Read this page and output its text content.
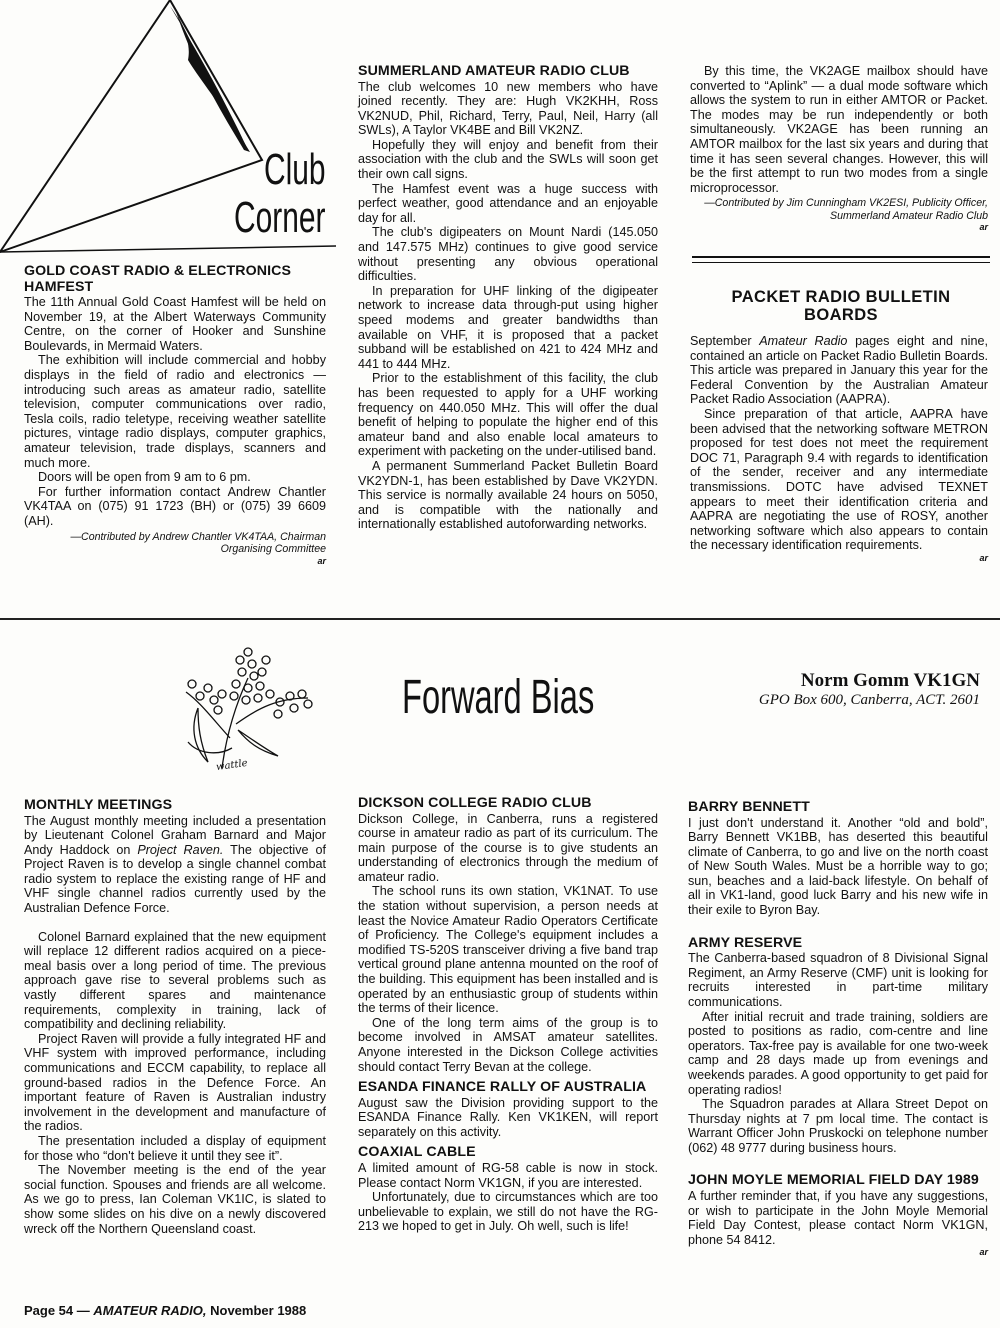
Club
Corner
GOLD COAST RADIO & ELECTRONICS HAMFEST

The 11th Annual Gold Coast Hamfest will be held on November 19, at the Albert Waterways Community Centre, on the corner of Hooker and Sunshine Boulevards, in Mermaid Waters.

The exhibition will include commercial and hobby displays in the field of radio and electronics — introducing such areas as amateur radio, satellite television, computer communications over radio, Tesla coils, radio teletype, receiving weather satellite pictures, vintage radio displays, computer graphics, amateur television, trade displays, scanners and much more.

Doors will be open from 9 am to 6 pm.

For further information contact Andrew Chantler VK4TAA on (075) 91 1723 (BH) or (075) 39 6609 (AH).

—Contributed by Andrew Chantler VK4TAA, Chairman
Organising Committee
ar
SUMMERLAND AMATEUR RADIO CLUB

The club welcomes 10 new members who have joined recently. They are: Hugh VK2KHH, Ross VK2NUD, Phil, Richard, Terry, Paul, Neil, Harry (all SWLs), A Taylor VK4BE and Bill VK2NZ.

Hopefully they will enjoy and benefit from their association with the club and the SWLs will soon get their own call signs.

The Hamfest event was a huge success with perfect weather, good attendance and an enjoyable day for all.

The club's digipeaters on Mount Nardi (145.050 and 147.575 MHz) continues to give good service without presenting any obvious operational difficulties.

In preparation for UHF linking of the digipeater network to increase data through-put using higher speed modems and greater bandwidths than available on VHF, it is proposed that a packet subband will be established on 421 to 424 MHz and 441 to 444 MHz.

Prior to the establishment of this facility, the club has been requested to apply for a UHF working frequency on 440.050 MHz. This will offer the dual benefit of helping to populate the higher end of this amateur band and also enable local amateurs to experiment with packeting on the under-utilised band.

A permanent Summerland Packet Bulletin Board VK2YDN-1, has been established by Dave VK2YDN. This service is normally available 24 hours on 5050, and is compatible with the nationally and internationally established autoforwarding networks.

By this time, the VK2AGE mailbox should have converted to “Aplink” — a dual mode software which allows the system to run in either AMTOR or Packet. The modes may be run independently or both simultaneously. VK2AGE has been running an AMTOR mailbox for the last six years and during that time it has seen several changes. However, this will be the first attempt to run two modes from a single microprocessor.

—Contributed by Jim Cunningham VK2ESI, Publicity Officer,
Summerland Amateur Radio Club
ar
PACKET RADIO BULLETIN
BOARDS

September Amateur Radio pages eight and nine, contained an article on Packet Radio Bulletin Boards. This article was prepared in January this year for the Federal Convention by the Australian Amateur Packet Radio Association (AAPRA).

Since preparation of that article, AAPRA have been advised that the networking software METRON proposed for test does not meet the requirement DOC 71, Paragraph 9.4 with regards to identification of the sender, receiver and any intermediate transmissions. DOTC have advised TEXNET appears to meet their identification criteria and AAPRA are negotiating the use of ROSY, another networking software which also appears to contain the necessary identification requirements.

ar
wattle
Forward Bias	Norm Gomm VK1GN
GPO Box 600, Canberra, ACT. 2601
MONTHLY MEETINGS

The August monthly meeting included a presentation by Lieutenant Colonel Graham Barnard and Major Andy Haddock on Project Raven. The objective of Project Raven is to develop a single channel combat radio system to replace the existing range of HF and VHF single channel radios currently used by the Australian Defence Force.

Colonel Barnard explained that the new equipment will replace 12 different radios acquired on a piece-meal basis over a long period of time. The previous approach gave rise to several problems such as vastly different spares and maintenance requirements, complexity in training, lack of compatibility and declining reliability.

Project Raven will provide a fully integrated HF and VHF system with improved performance, including communications and ECCM capability, to replace all ground-based radios in the Defence Force. An important feature of Raven is Australian industry involvement in the development and manufacture of the radios.

The presentation included a display of equipment for those who “don't believe it until they see it”.

The November meeting is the end of the year social function. Spouses and friends are all welcome. As we go to press, Ian Coleman VK1IC, is slated to show some slides on his dive on a newly discovered wreck off the Northern Queensland coast.

DICKSON COLLEGE RADIO CLUB

Dickson College, in Canberra, runs a registered course in amateur radio as part of its curriculum. The main purpose of the course is to give students an understanding of electronics through the medium of amateur radio.

The school runs its own station, VK1NAT. To use the station without supervision, a person needs at least the Novice Amateur Radio Operators Certificate of Proficiency. The College's equipment includes a modified TS-520S transceiver driving a five band trap vertical ground plane antenna mounted on the roof of the building. This equipment has been installed and is operated by an enthusiastic group of students within the terms of their licence.

One of the long term aims of the group is to become involved in AMSAT amateur satellites. Anyone interested in the Dickson College activities should contact Terry Bevan at the college.

ESANDA FINANCE RALLY OF AUSTRALIA

August saw the Division providing support to the ESANDA Finance Rally. Ken VK1KEN, will report separately on this activity.

COAXIAL CABLE

A limited amount of RG-58 cable is now in stock. Please contact Norm VK1GN, if you are interested.

Unfortunately, due to circumstances which are too unbelievable to explain, we still do not have the RG-213 we hoped to get in July. Oh well, such is life!

BARRY BENNETT

I just don't understand it. Another “old and bold”, Barry Bennett VK1BB, has deserted this beautiful climate of Canberra, to go and live on the north coast of New South Wales. Must be a horrible way to go; sun, beaches and a laid-back lifestyle. On behalf of all in VK1-land, good luck Barry and his new wife in their exile to Byron Bay.

ARMY RESERVE

The Canberra-based squadron of 8 Divisional Signal Regiment, an Army Reserve (CMF) unit is looking for recruits interested in part-time military communications.

After initial recruit and trade training, soldiers are posted to positions as radio, com-centre and line operators. Tax-free pay is available for one two-week camp and 28 days made up from evenings and weekends parades. A good opportunity to get paid for operating radios!

The Squadron parades at Allara Street Depot on Thursday nights at 7 pm local time. The contact is Warrant Officer John Pruskocki on telephone number (062) 48 9777 during business hours.

JOHN MOYLE MEMORIAL FIELD DAY 1989

A further reminder that, if you have any suggestions, or wish to participate in the John Moyle Memorial Field Day Contest, please contact Norm VK1GN, phone 54 8412.

ar
Page 54 — AMATEUR RADIO, November 1988
